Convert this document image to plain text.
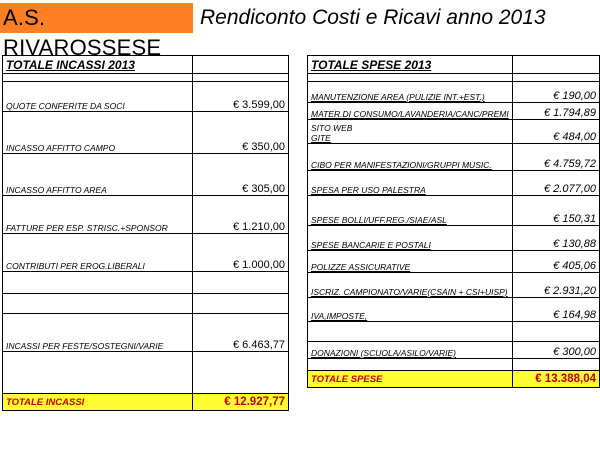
A.S. RIVAROSSESE
Rendiconto Costi e Ricavi anno 2013
TOTALE INCASSI 2013	

QUOTE CONFERITE DA SOCI	€ 3.599,00
INCASSO AFFITTO CAMPO	€ 350,00
INCASSO AFFITTO AREA	€ 305,00
FATTURE PER ESP. STRISC.+SPONSOR	€ 1.210,00
CONTRIBUTI PER EROG.LIBERALI	€ 1.000,00

INCASSI PER FESTE/SOSTEGNI/VARIE	€ 6.463,77

TOTALE INCASSI	€ 12.927,77
TOTALE SPESE 2013	

MANUTENZIONE AREA (PULIZIE INT.+EST.)	€ 190,00
MATER.DI CONSUMO/LAVANDERIA/CANC/PREMI	€ 1.794,89

SITO WEB
GITE	€ 484,00
CIBO PER MANIFESTAZIONI/GRUPPI MUSIC.	€ 4.759,72
SPESA PER USO PALESTRA	€ 2.077,00
SPESE BOLLI/UFF.REG./SIAE/ASL	€ 150,31
SPESE BANCARIE E POSTALI	€ 130,88
POLIZZE ASSICURATIVE	€ 405,06
ISCRIZ. CAMPIONATO/VARIE(CSAIN + CSI+UISP)	€ 2.931,20
IVA,IMPOSTE,	€ 164,98

DONAZIONI (SCUOLA/ASILO/VARIE)	€ 300,00

TOTALE SPESE	€ 13.388,04
